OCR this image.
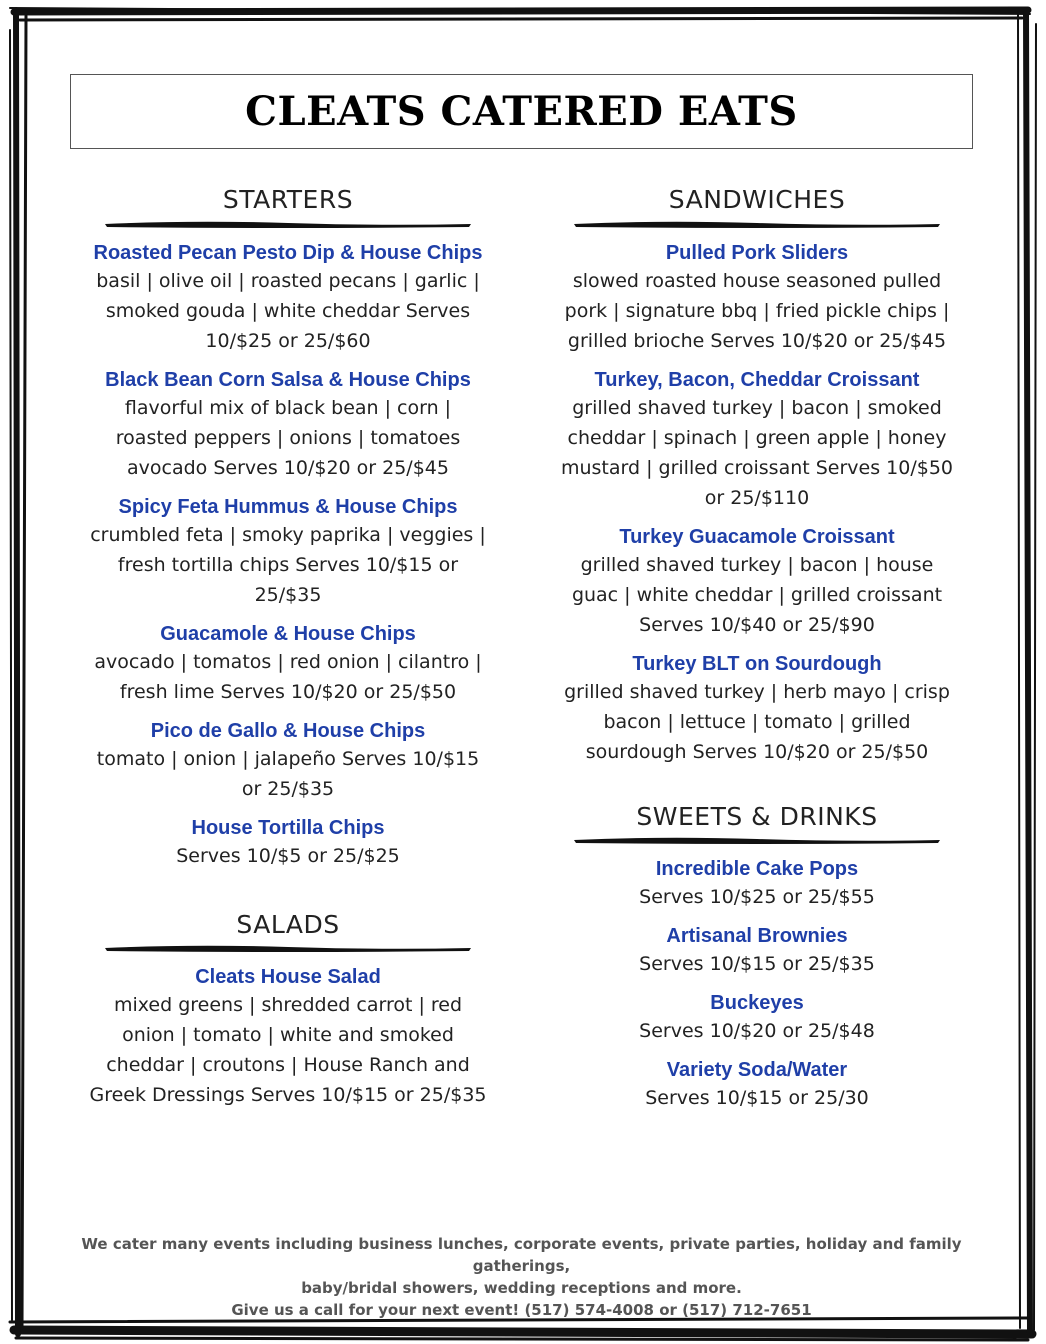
CLEATS CATERED EATS
STARTERS
Roasted Pecan Pesto Dip & House Chips
basil | olive oil | roasted pecans | garlic | smoked gouda | white cheddar Serves 10/$25 or 25/$60
Black Bean Corn Salsa & House Chips
flavorful mix of black bean | corn | roasted peppers | onions | tomatoes avocado Serves 10/$20 or 25/$45
Spicy Feta Hummus & House Chips
crumbled feta | smoky paprika | veggies | fresh tortilla chips Serves 10/$15 or 25/$35
Guacamole & House Chips
avocado | tomatos | red onion | cilantro | fresh lime Serves 10/$20 or 25/$50
Pico de Gallo & House Chips
tomato | onion | jalapeño Serves 10/$15 or 25/$35
House Tortilla Chips
Serves 10/$5 or 25/$25
SALADS
Cleats House Salad
mixed greens | shredded carrot | red onion | tomato | white and smoked cheddar | croutons | House Ranch and Greek Dressings Serves 10/$15 or 25/$35
SANDWICHES
Pulled Pork Sliders
slowed roasted house seasoned pulled pork | signature bbq | fried pickle chips | grilled brioche Serves 10/$20 or 25/$45
Turkey, Bacon, Cheddar Croissant
grilled shaved turkey | bacon | smoked cheddar | spinach | green apple | honey mustard | grilled croissant Serves 10/$50 or 25/$110
Turkey Guacamole Croissant
grilled shaved turkey | bacon | house guac | white cheddar | grilled croissant Serves 10/$40 or 25/$90
Turkey BLT on Sourdough
grilled shaved turkey | herb mayo | crisp bacon | lettuce | tomato | grilled sourdough Serves 10/$20 or 25/$50
SWEETS & DRINKS
Incredible Cake Pops
Serves 10/$25 or 25/$55
Artisanal Brownies
Serves 10/$15 or 25/$35
Buckeyes
Serves 10/$20 or 25/$48
Variety Soda/Water
Serves 10/$15 or 25/30
We cater many events including business lunches, corporate events, private parties, holiday and family gatherings,
baby/bridal showers, wedding receptions and more.
Give us a call for your next event! (517) 574-4008 or (517) 712-7651
